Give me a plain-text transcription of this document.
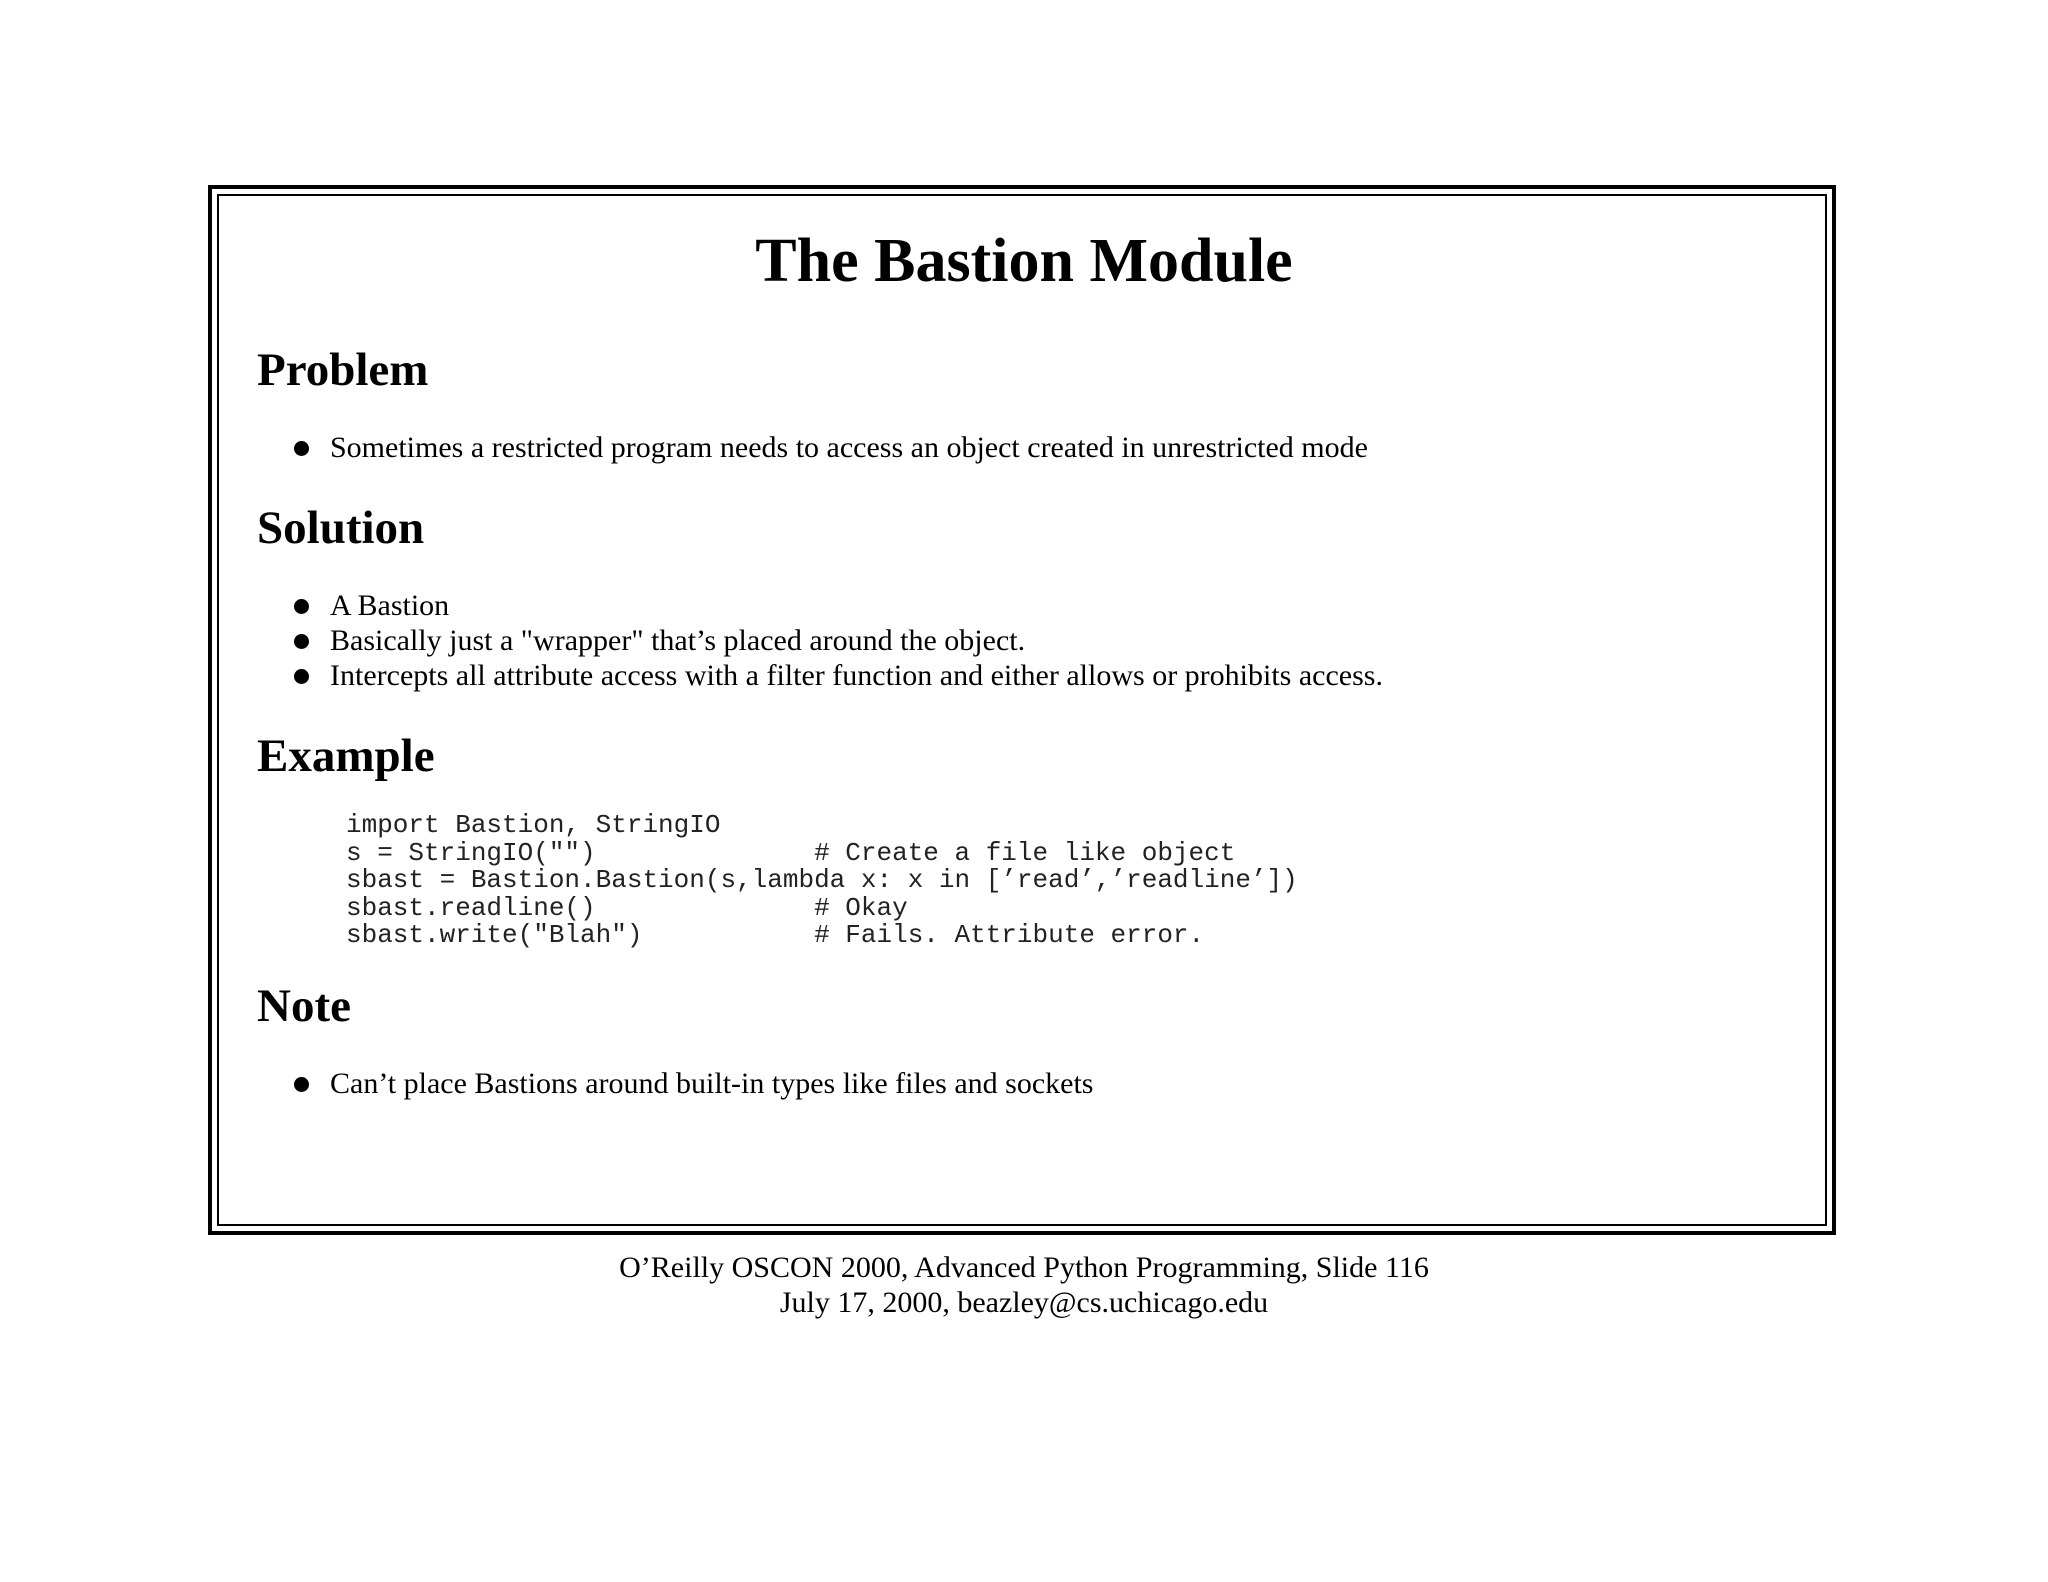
The Bastion Module
Problem
Sometimes a restricted program needs to access an object created in unrestricted mode
Solution
A Bastion
Basically just a "wrapper" that’s placed around the object.
Intercepts all attribute access with a filter function and either allows or prohibits access.
Example
import Bastion, StringIO
s = StringIO("")              # Create a file like object
sbast = Bastion.Bastion(s,lambda x: x in [’read’,’readline’])
sbast.readline()              # Okay
sbast.write("Blah")           # Fails. Attribute error.
Note
Can’t place Bastions around built-in types like files and sockets
O’Reilly OSCON 2000, Advanced Python Programming, Slide 116
July 17, 2000, beazley@cs.uchicago.edu
